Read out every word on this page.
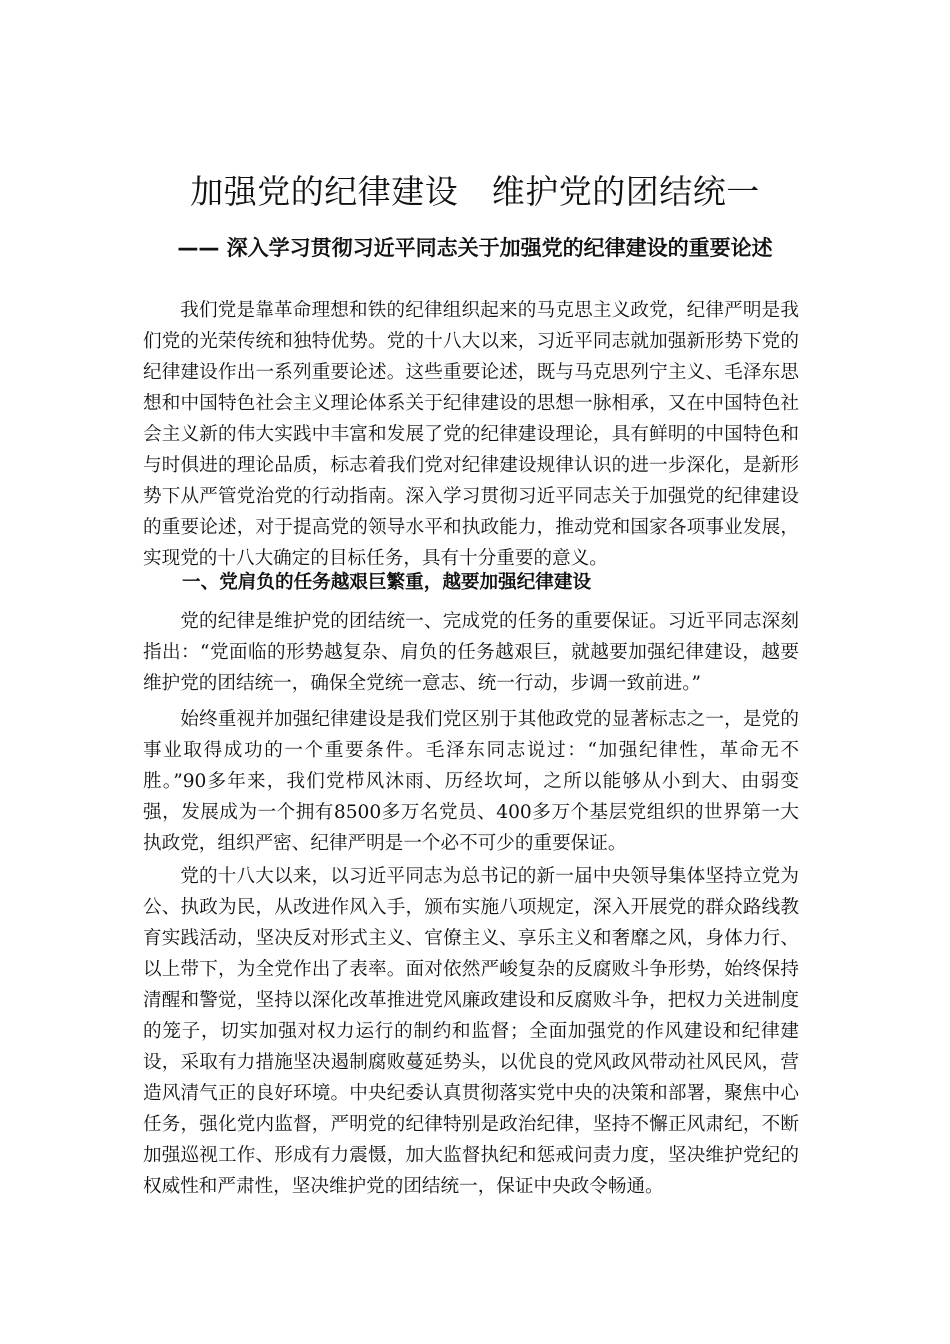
加强党的纪律建设　维护党的团结统一
—— 深入学习贯彻习近平同志关于加强党的纪律建设的重要论述

我们党是靠革命理想和铁的纪律组织起来的马克思主义政党，纪律严明是我们党的光荣传统和独特优势。党的十八大以来，习近平同志就加强新形势下党的纪律建设作出一系列重要论述。这些重要论述，既与马克思列宁主义、毛泽东思想和中国特色社会主义理论体系关于纪律建设的思想一脉相承，又在中国特色社会主义新的伟大实践中丰富和发展了党的纪律建设理论，具有鲜明的中国特色和与时俱进的理论品质，标志着我们党对纪律建设规律认识的进一步深化，是新形势下从严管党治党的行动指南。深入学习贯彻习近平同志关于加强党的纪律建设的重要论述，对于提高党的领导水平和执政能力，推动党和国家各项事业发展，实现党的十八大确定的目标任务，具有十分重要的意义。

一、党肩负的任务越艰巨繁重，越要加强纪律建设

党的纪律是维护党的团结统一、完成党的任务的重要保证。习近平同志深刻指出：“党面临的形势越复杂、肩负的任务越艰巨，就越要加强纪律建设，越要维护党的团结统一，确保全党统一意志、统一行动，步调一致前进。”

始终重视并加强纪律建设是我们党区别于其他政党的显著标志之一，是党的事业取得成功的一个重要条件。毛泽东同志说过：“加强纪律性，革命无不胜。”90多年来，我们党栉风沐雨、历经坎坷，之所以能够从小到大、由弱变强，发展成为一个拥有8500多万名党员、400多万个基层党组织的世界第一大执政党，组织严密、纪律严明是一个必不可少的重要保证。

党的十八大以来，以习近平同志为总书记的新一届中央领导集体坚持立党为公、执政为民，从改进作风入手，颁布实施八项规定，深入开展党的群众路线教育实践活动，坚决反对形式主义、官僚主义、享乐主义和奢靡之风，身体力行、以上带下，为全党作出了表率。面对依然严峻复杂的反腐败斗争形势，始终保持清醒和警觉，坚持以深化改革推进党风廉政建设和反腐败斗争，把权力关进制度的笼子，切实加强对权力运行的制约和监督；全面加强党的作风建设和纪律建设，采取有力措施坚决遏制腐败蔓延势头，以优良的党风政风带动社风民风，营造风清气正的良好环境。中央纪委认真贯彻落实党中央的决策和部署，聚焦中心任务，强化党内监督，严明党的纪律特别是政治纪律，坚持不懈正风肃纪，不断加强巡视工作、形成有力震慑，加大监督执纪和惩戒问责力度，坚决维护党纪的权威性和严肃性，坚决维护党的团结统一，保证中央政令畅通。
